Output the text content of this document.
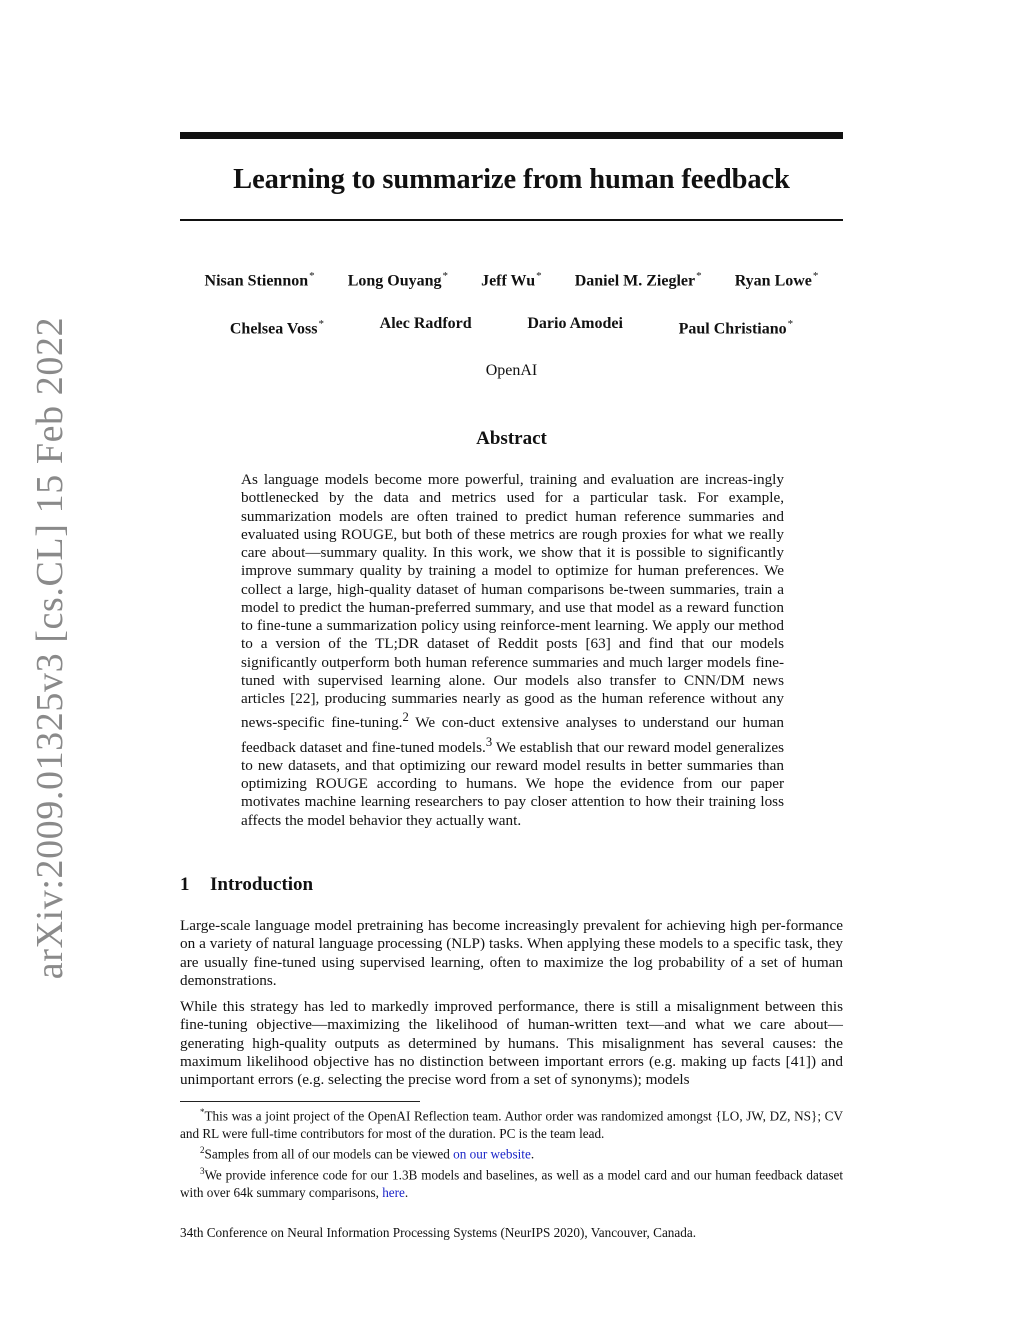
arXiv:2009.01325v3 [cs.CL] 15 Feb 2022
Learning to summarize from human feedback
Nisan Stiennon* Long Ouyang* Jeff Wu* Daniel M. Ziegler* Ryan Lowe*
Chelsea Voss*	Alec Radford	Dario Amodei	Paul Christiano*
OpenAI
Abstract
As language models become more powerful, training and evaluation are increas-ingly bottlenecked by the data and metrics used for a particular task. For example, summarization models are often trained to predict human reference summaries and evaluated using ROUGE, but both of these metrics are rough proxies for what we really care about—summary quality. In this work, we show that it is possible to significantly improve summary quality by training a model to optimize for human preferences. We collect a large, high-quality dataset of human comparisons be-tween summaries, train a model to predict the human-preferred summary, and use that model as a reward function to fine-tune a summarization policy using reinforce-ment learning. We apply our method to a version of the TL;DR dataset of Reddit posts [63] and find that our models significantly outperform both human reference summaries and much larger models fine-tuned with supervised learning alone. Our models also transfer to CNN/DM news articles [22], producing summaries nearly as good as the human reference without any news-specific fine-tuning.$^2$ We con-duct extensive analyses to understand our human feedback dataset and fine-tuned models.$^3$ We establish that our reward model generalizes to new datasets, and that optimizing our reward model results in better summaries than optimizing ROUGE according to humans. We hope the evidence from our paper motivates machine learning researchers to pay closer attention to how their training loss affects the model behavior they actually want.
1 Introduction

Large-scale language model pretraining has become increasingly prevalent for achieving high per-formance on a variety of natural language processing (NLP) tasks. When applying these models to a specific task, they are usually fine-tuned using supervised learning, often to maximize the log probability of a set of human demonstrations.

While this strategy has led to markedly improved performance, there is still a misalignment between this fine-tuning objective—maximizing the likelihood of human-written text—and what we care about—generating high-quality outputs as determined by humans. This misalignment has several causes: the maximum likelihood objective has no distinction between important errors (e.g. making up facts [41]) and unimportant errors (e.g. selecting the precise word from a set of synonyms); models

*This was a joint project of the OpenAI Reflection team. Author order was randomized amongst {LO, JW, DZ, NS}; CV and RL were full-time contributors for most of the duration. PC is the team lead.

$^2$Samples from all of our models can be viewed on our website.

$^3$We provide inference code for our 1.3B models and baselines, as well as a model card and our human feedback dataset with over 64k summary comparisons, here.

34th Conference on Neural Information Processing Systems (NeurIPS 2020), Vancouver, Canada.
